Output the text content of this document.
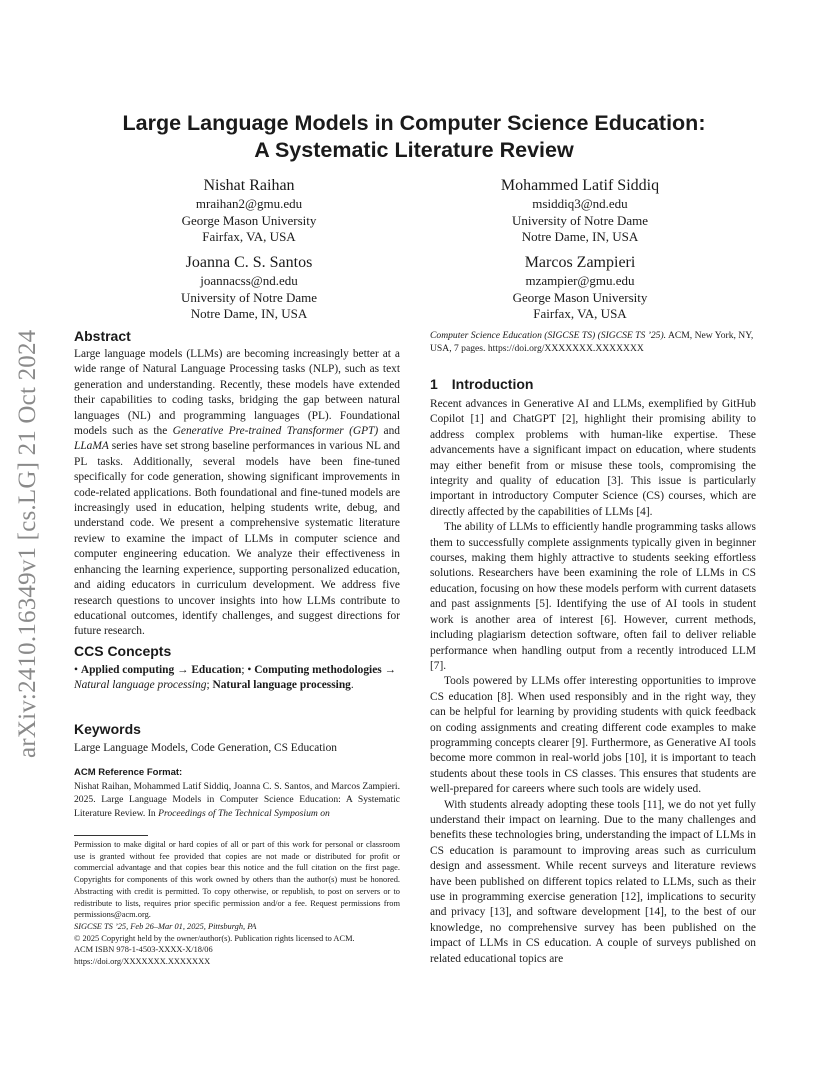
arXiv:2410.16349v1 [cs.LG] 21 Oct 2024
Large Language Models in Computer Science Education:
A Systematic Literature Review
Nishat Raihan
mraihan2@gmu.edu
George Mason University
Fairfax, VA, USA
Mohammed Latif Siddiq
msiddiq3@nd.edu
University of Notre Dame
Notre Dame, IN, USA
Joanna C. S. Santos
joannacss@nd.edu
University of Notre Dame
Notre Dame, IN, USA
Marcos Zampieri
mzampier@gmu.edu
George Mason University
Fairfax, VA, USA
Abstract

Large language models (LLMs) are becoming increasingly better at a wide range of Natural Language Processing tasks (NLP), such as text generation and understanding. Recently, these models have extended their capabilities to coding tasks, bridging the gap between natural languages (NL) and programming languages (PL). Foundational models such as the Generative Pre-trained Transformer (GPT) and LLaMA series have set strong baseline performances in various NL and PL tasks. Additionally, several models have been fine-tuned specifically for code generation, showing significant improvements in code-related applications. Both foundational and fine-tuned models are increasingly used in education, helping students write, debug, and understand code. We present a comprehensive systematic literature review to examine the impact of LLMs in computer science and computer engineering education. We analyze their effectiveness in enhancing the learning experience, supporting personalized education, and aiding educators in curriculum development. We address five research questions to uncover insights into how LLMs contribute to educational outcomes, identify challenges, and suggest directions for future research.

CCS Concepts

• Applied computing → Education; • Computing methodologies → Natural language processing; Natural language processing.

Keywords

Large Language Models, Code Generation, CS Education

ACM Reference Format:

Nishat Raihan, Mohammed Latif Siddiq, Joanna C. S. Santos, and Marcos Zampieri. 2025. Large Language Models in Computer Science Education: A Systematic Literature Review. In Proceedings of The Technical Symposium on

Permission to make digital or hard copies of all or part of this work for personal or classroom use is granted without fee provided that copies are not made or distributed for profit or commercial advantage and that copies bear this notice and the full citation on the first page. Copyrights for components of this work owned by others than the author(s) must be honored. Abstracting with credit is permitted. To copy otherwise, or republish, to post on servers or to redistribute to lists, requires prior specific permission and/or a fee. Request permissions from permissions@acm.org.

SIGCSE TS ’25, Feb 26–Mar 01, 2025, Pittsburgh, PA

© 2025 Copyright held by the owner/author(s). Publication rights licensed to ACM.

ACM ISBN 978-1-4503-XXXX-X/18/06

https://doi.org/XXXXXXX.XXXXXXX

Computer Science Education (SIGCSE TS) (SIGCSE TS ’25). ACM, New York, NY, USA, 7 pages. https://doi.org/XXXXXXX.XXXXXXX

1 Introduction

Recent advances in Generative AI and LLMs, exemplified by GitHub Copilot [1] and ChatGPT [2], highlight their promising ability to address complex problems with human-like expertise. These advancements have a significant impact on education, where students may either benefit from or misuse these tools, compromising the integrity and quality of education [3]. This issue is particularly important in introductory Computer Science (CS) courses, which are directly affected by the capabilities of LLMs [4].

The ability of LLMs to efficiently handle programming tasks allows them to successfully complete assignments typically given in beginner courses, making them highly attractive to students seeking effortless solutions. Researchers have been examining the role of LLMs in CS education, focusing on how these models perform with current datasets and past assignments [5]. Identifying the use of AI tools in student work is another area of interest [6]. However, current methods, including plagiarism detection software, often fail to deliver reliable performance when handling output from a recently introduced LLM [7].

Tools powered by LLMs offer interesting opportunities to improve CS education [8]. When used responsibly and in the right way, they can be helpful for learning by providing students with quick feedback on coding assignments and creating different code examples to make programming concepts clearer [9]. Furthermore, as Generative AI tools become more common in real-world jobs [10], it is important to teach students about these tools in CS classes. This ensures that students are well-prepared for careers where such tools are widely used.

With students already adopting these tools [11], we do not yet fully understand their impact on learning. Due to the many challenges and benefits these technologies bring, understanding the impact of LLMs in CS education is paramount to improving areas such as curriculum design and assessment. While recent surveys and literature reviews have been published on different topics related to LLMs, such as their use in programming exercise generation [12], implications to security and privacy [13], and software development [14], to the best of our knowledge, no comprehensive survey has been published on the impact of LLMs in CS education. A couple of surveys published on related educational topics are
